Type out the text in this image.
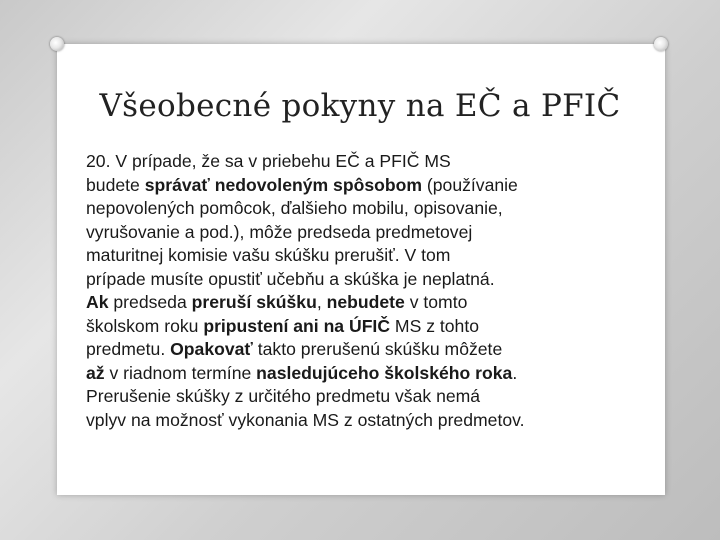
Všeobecné pokyny na EČ a PFIČ

20. V prípade, že sa v priebehu EČ a PFIČ MS
budete správať nedovoleným spôsobom (používanie
nepovolených pomôcok, ďalšieho mobilu, opisovanie,
vyrušovanie a pod.), môže predseda predmetovej
maturitnej komisie vašu skúšku prerušiť. V tom
prípade musíte opustiť učebňu a skúška je neplatná.
Ak predseda preruší skúšku, nebudete v tomto
školskom roku pripustení ani na ÚFIČ MS z tohto
predmetu. Opakovať takto prerušenú skúšku môžete
až v riadnom termíne nasledujúceho školského roka.
Prerušenie skúšky z určitého predmetu však nemá
vplyv na možnosť vykonania MS z ostatných predmetov.
